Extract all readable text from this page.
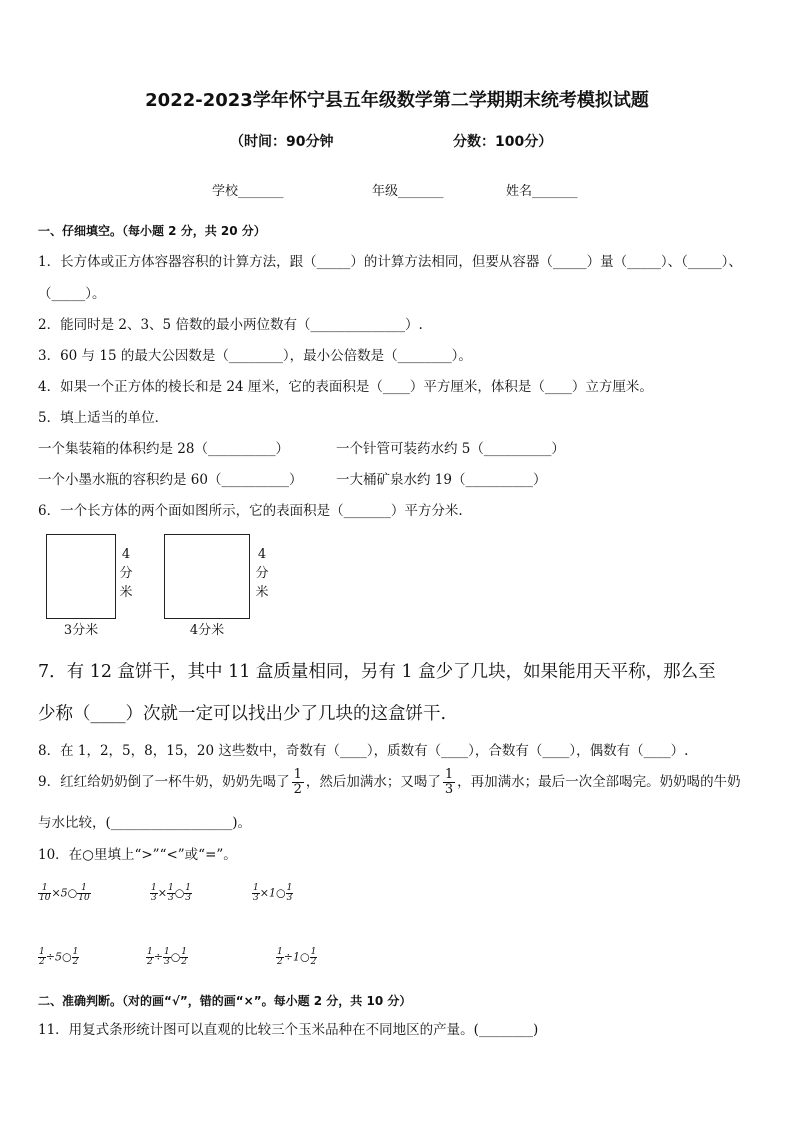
2022-2023学年怀宁县五年级数学第二学期期末统考模拟试题
（时间：90分钟	分数：100分）
学校_______	年级_______	姓名_______
一、仔细填空。（每小题 2 分，共 20 分）
1．长方体或正方体容器容积的计算方法，跟（_____）的计算方法相同，但要从容器（_____）量（_____）、（_____）、
（_____）。
2．能同时是 2、3、5 倍数的最小两位数有（______________）.
3．60 与 15 的最大公因数是（________），最小公倍数是（________）。
4．如果一个正方体的棱长和是 24 厘米，它的表面积是（____）平方厘米，体积是（____）立方厘米。
5．填上适当的单位．
一个集装箱的体积约是 28（__________）	一个针管可装药水约 5（__________）
一个小墨水瓶的容积约是 60（__________） 一大桶矿泉水约 19（__________）
6．一个长方体的两个面如图所示，它的表面积是（_______）平方分米.
4
分
米
3分米
4
分
米
4分米
7．有 12 盒饼干，其中 11 盒质量相同，另有 1 盒少了几块，如果能用天平称，那么至
少称（____）次就一定可以找出少了几块的这盒饼干.
8．在 1，2，5，8，15，20 这些数中，奇数有（____），质数有（____），合数有（____），偶数有（____）.
9．红红给奶奶倒了一杯牛奶，奶奶先喝了 $\frac{1}{2}$ ，然后加满水；又喝了 $\frac{1}{3}$ ，再加满水；最后一次全部喝完。奶奶喝的牛奶
与水比较，(__________________)。
10．在○里填上“>”“<”或“=”。
$\frac{1}{10}$ ×5○ $\frac{1}{10}$	$\frac{1}{3} \times \frac{1}{3}$ ○ $\frac{1}{3}$	$\frac{1}{3}$ ×1○ $\frac{1}{3}$
$\frac{1}{2}$ ÷5○ $\frac{1}{2}$	$\frac{1}{2} \div \frac{1}{3}$ ○ $\frac{1}{2}$	$\frac{1}{2}$ ÷1○ $\frac{1}{2}$
二、准确判断。（对的画“√”，错的画“×”。每小题 2 分，共 10 分）
11．用复式条形统计图可以直观的比较三个玉米品种在不同地区的产量。(________)
